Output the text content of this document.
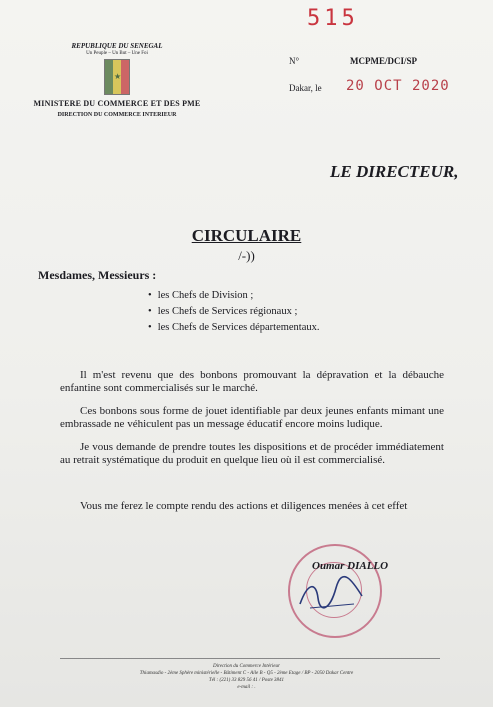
515
REPUBLIQUE DU SENEGAL
Un Peuple – Un But – Une Foi
★
MINISTERE DU COMMERCE ET DES PME
DIRECTION DU COMMERCE INTERIEUR
N°	MCPME/DCI/SP
Dakar, le 20 OCT 2020
LE DIRECTEUR,
CIRCULAIRE
/-))
Mesdames, Messieurs :
• les Chefs de Division ;
• les Chefs de Services régionaux ;
• les Chefs de Services départementaux.
Il m'est revenu que des bonbons promouvant la dépravation et la débauche enfantine sont commercialisés sur le marché.
Ces bonbons sous forme de jouet identifiable par deux jeunes enfants mimant une embrassade ne véhiculent pas un message éducatif encore moins ludique.
Je vous demande de prendre toutes les dispositions et de procéder immédiatement au retrait systématique du produit en quelque lieu où il est commercialisé.
Vous me ferez le compte rendu des actions et diligences menées à cet effet
Oumar DIALLO
Direction du Commerce Intérieur
Thiamasdio - 2ème Sphère ministérielle - Bâtiment C - Aile B - Q5 - 2ème Etage / BP - 2050 Dakar Centre
Tél : (221) 33 829 56 41 / Poste 3841
e-mail : .
